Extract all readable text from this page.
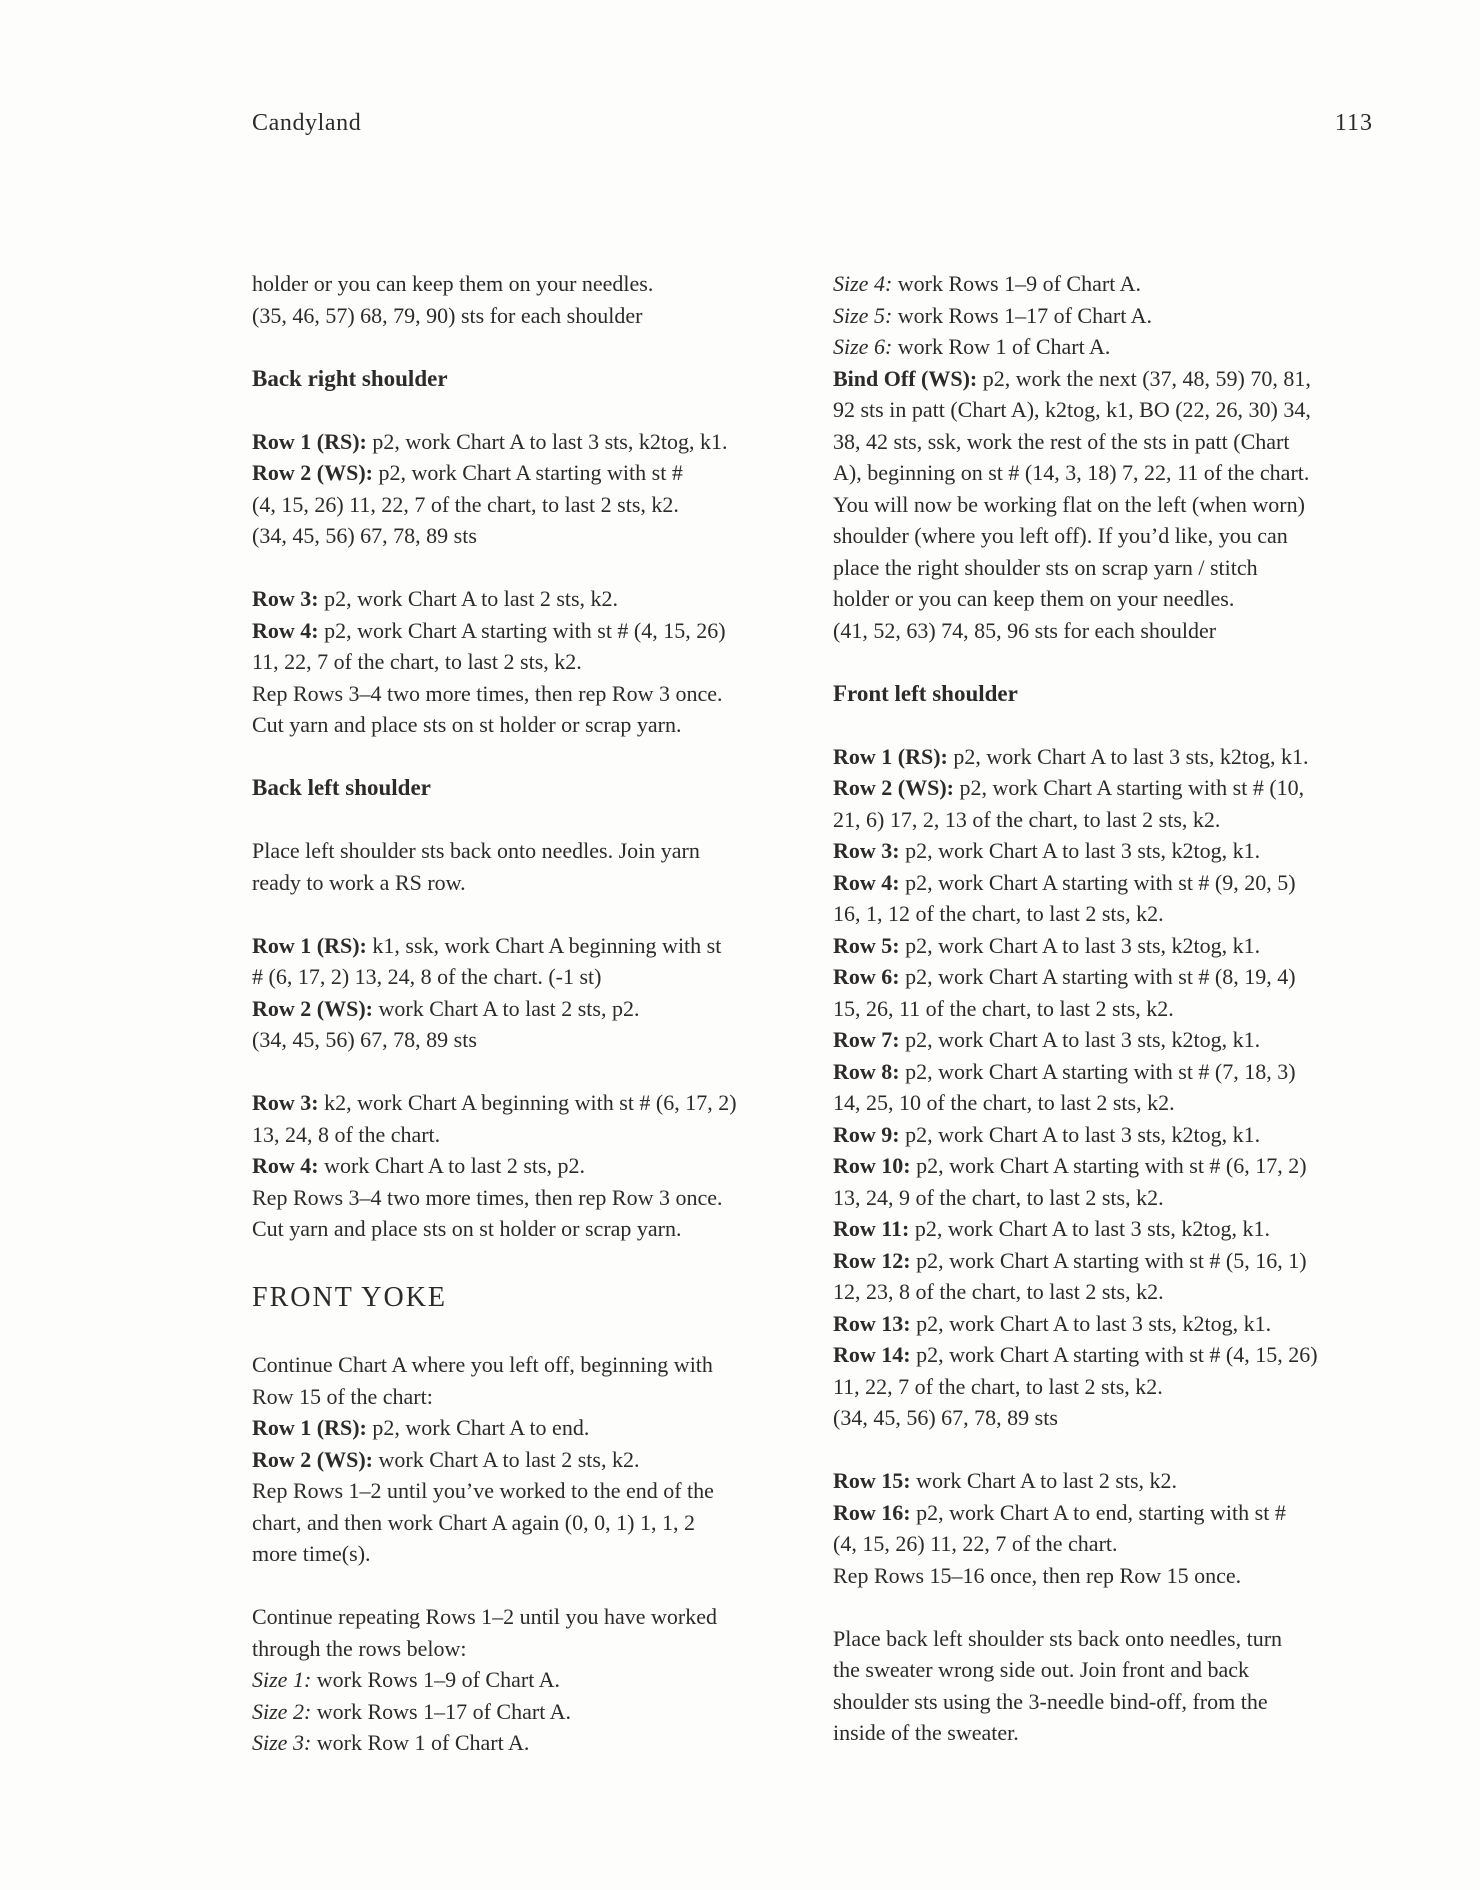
Candyland	113
holder or you can keep them on your needles.
(35, 46, 57) 68, 79, 90) sts for each shoulder
Back right shoulder
Row 1 (RS): p2, work Chart A to last 3 sts, k2tog, k1.
Row 2 (WS): p2, work Chart A starting with st #
(4, 15, 26) 11, 22, 7 of the chart, to last 2 sts, k2.
(34, 45, 56) 67, 78, 89 sts
Row 3: p2, work Chart A to last 2 sts, k2.
Row 4: p2, work Chart A starting with st # (4, 15, 26)
11, 22, 7 of the chart, to last 2 sts, k2.
Rep Rows 3–4 two more times, then rep Row 3 once.
Cut yarn and place sts on st holder or scrap yarn.
Back left shoulder
Place left shoulder sts back onto needles. Join yarn
ready to work a RS row.
Row 1 (RS): k1, ssk, work Chart A beginning with st
# (6, 17, 2) 13, 24, 8 of the chart. (-1 st)
Row 2 (WS): work Chart A to last 2 sts, p2.
(34, 45, 56) 67, 78, 89 sts
Row 3: k2, work Chart A beginning with st # (6, 17, 2)
13, 24, 8 of the chart.
Row 4: work Chart A to last 2 sts, p2.
Rep Rows 3–4 two more times, then rep Row 3 once.
Cut yarn and place sts on st holder or scrap yarn.
FRONT YOKE
Continue Chart A where you left off, beginning with
Row 15 of the chart:
Row 1 (RS): p2, work Chart A to end.
Row 2 (WS): work Chart A to last 2 sts, k2.
Rep Rows 1–2 until you’ve worked to the end of the
chart, and then work Chart A again (0, 0, 1) 1, 1, 2
more time(s).
Continue repeating Rows 1–2 until you have worked
through the rows below:
Size 1: work Rows 1–9 of Chart A.
Size 2: work Rows 1–17 of Chart A.
Size 3: work Row 1 of Chart A.
Size 4: work Rows 1–9 of Chart A.
Size 5: work Rows 1–17 of Chart A.
Size 6: work Row 1 of Chart A.
Bind Off (WS): p2, work the next (37, 48, 59) 70, 81,
92 sts in patt (Chart A), k2tog, k1, BO (22, 26, 30) 34,
38, 42 sts, ssk, work the rest of the sts in patt (Chart
A), beginning on st # (14, 3, 18) 7, 22, 11 of the chart.
You will now be working flat on the left (when worn)
shoulder (where you left off). If you’d like, you can
place the right shoulder sts on scrap yarn / stitch
holder or you can keep them on your needles.
(41, 52, 63) 74, 85, 96 sts for each shoulder
Front left shoulder
Row 1 (RS): p2, work Chart A to last 3 sts, k2tog, k1.
Row 2 (WS): p2, work Chart A starting with st # (10,
21, 6) 17, 2, 13 of the chart, to last 2 sts, k2.
Row 3: p2, work Chart A to last 3 sts, k2tog, k1.
Row 4: p2, work Chart A starting with st # (9, 20, 5)
16, 1, 12 of the chart, to last 2 sts, k2.
Row 5: p2, work Chart A to last 3 sts, k2tog, k1.
Row 6: p2, work Chart A starting with st # (8, 19, 4)
15, 26, 11 of the chart, to last 2 sts, k2.
Row 7: p2, work Chart A to last 3 sts, k2tog, k1.
Row 8: p2, work Chart A starting with st # (7, 18, 3)
14, 25, 10 of the chart, to last 2 sts, k2.
Row 9: p2, work Chart A to last 3 sts, k2tog, k1.
Row 10: p2, work Chart A starting with st # (6, 17, 2)
13, 24, 9 of the chart, to last 2 sts, k2.
Row 11: p2, work Chart A to last 3 sts, k2tog, k1.
Row 12: p2, work Chart A starting with st # (5, 16, 1)
12, 23, 8 of the chart, to last 2 sts, k2.
Row 13: p2, work Chart A to last 3 sts, k2tog, k1.
Row 14: p2, work Chart A starting with st # (4, 15, 26)
11, 22, 7 of the chart, to last 2 sts, k2.
(34, 45, 56) 67, 78, 89 sts
Row 15: work Chart A to last 2 sts, k2.
Row 16: p2, work Chart A to end, starting with st #
(4, 15, 26) 11, 22, 7 of the chart.
Rep Rows 15–16 once, then rep Row 15 once.
Place back left shoulder sts back onto needles, turn
the sweater wrong side out. Join front and back
shoulder sts using the 3-needle bind-off, from the
inside of the sweater.
